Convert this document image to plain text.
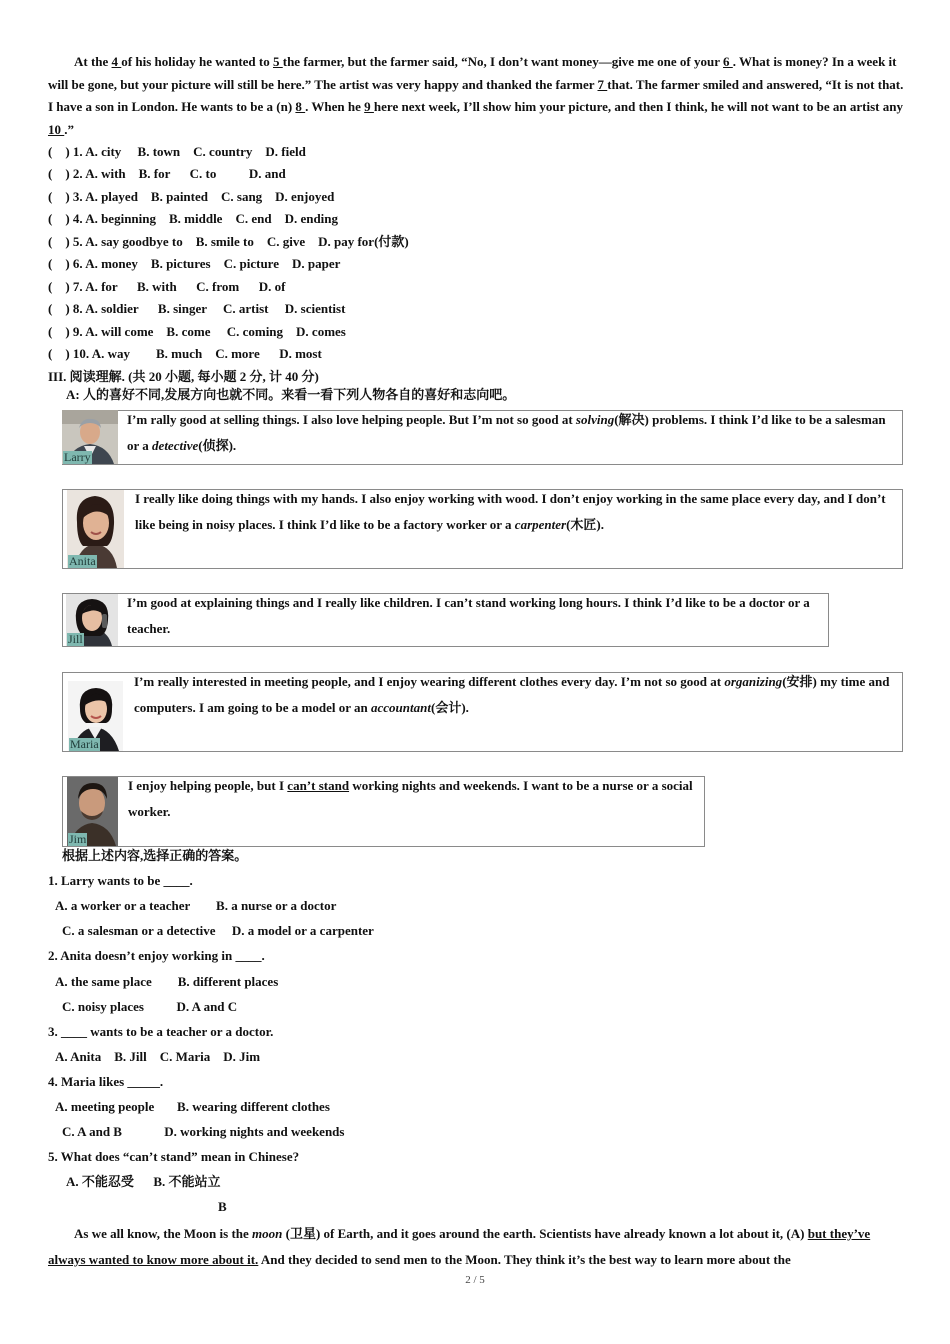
At the 4 of his holiday he wanted to 5 the farmer, but the farmer said, “No, I don’t want money—give me one of your 6 . What is money? In a week it will be gone, but your picture will still be here.” The artist was very happy and thanked the farmer 7 that. The farmer smiled and answered, “It is not that. I have a son in London. He wants to be a (n) 8 . When he 9 here next week, I’ll show him your picture, and then I think, he will not want to be an artist any 10 .”
(    ) 1. A. city     B. town    C. country    D. field
(    ) 2. A. with    B. for      C. to          D. and
(    ) 3. A. played    B. painted    C. sang    D. enjoyed
(    ) 4. A. beginning    B. middle    C. end    D. ending
(    ) 5. A. say goodbye to    B. smile to    C. give    D. pay for(付款)
(    ) 6. A. money    B. pictures    C. picture    D. paper
(    ) 7. A. for      B. with      C. from      D. of
(    ) 8. A. soldier      B. singer     C. artist     D. scientist
(    ) 9. A. will come    B. come     C. coming    D. comes
(    ) 10. A. way        B. much    C. more      D. most
III. 阅读理解. (共 20 小题, 每小题 2 分, 计 40 分)
A: 人的喜好不同,发展方向也就不同。来看一看下列人物各自的喜好和志向吧。
Larry
I’m rally good at selling things. I also love helping people. But I’m not so good at solving(解决) problems. I think I’d like to be a salesman or a detective(侦探).
Anita
I really like doing things with my hands. I also enjoy working with wood. I don’t enjoy working in the same place every day, and I don’t like being in noisy places. I think I’d like to be a factory worker or a carpenter(木匠).
Jill
I’m good at explaining things and I really like children. I can’t stand working long hours. I think I’d like to be a doctor or a teacher.
Maria
I’m really interested in meeting people, and I enjoy wearing different clothes every day. I’m not so good at organizing(安排) my time and computers. I am going to be a model or an accountant(会计).
Jim
I enjoy helping people, but I can’t stand working nights and weekends. I want to be a nurse or a social worker.
根据上述内容,选择正确的答案。
1. Larry wants to be ____.
A. a worker or a teacher        B. a nurse or a doctor
C. a salesman or a detective     D. a model or a carpenter
2. Anita doesn’t enjoy working in ____.
A. the same place        B. different places
C. noisy places          D. A and C
3. ____ wants to be a teacher or a doctor.
A. Anita    B. Jill    C. Maria    D. Jim
4. Maria likes _____.
A. meeting people       B. wearing different clothes
C. A and B             D. working nights and weekends
5. What does “can’t stand” mean in Chinese?
A. 不能忍受      B. 不能站立
B
As we all know, the Moon is the moon (卫星) of Earth, and it goes around the earth. Scientists have already known a lot about it, (A) but they’ve always wanted to know more about it. And they decided to send men to the Moon. They think it’s the best way to learn more about the
2 / 5
